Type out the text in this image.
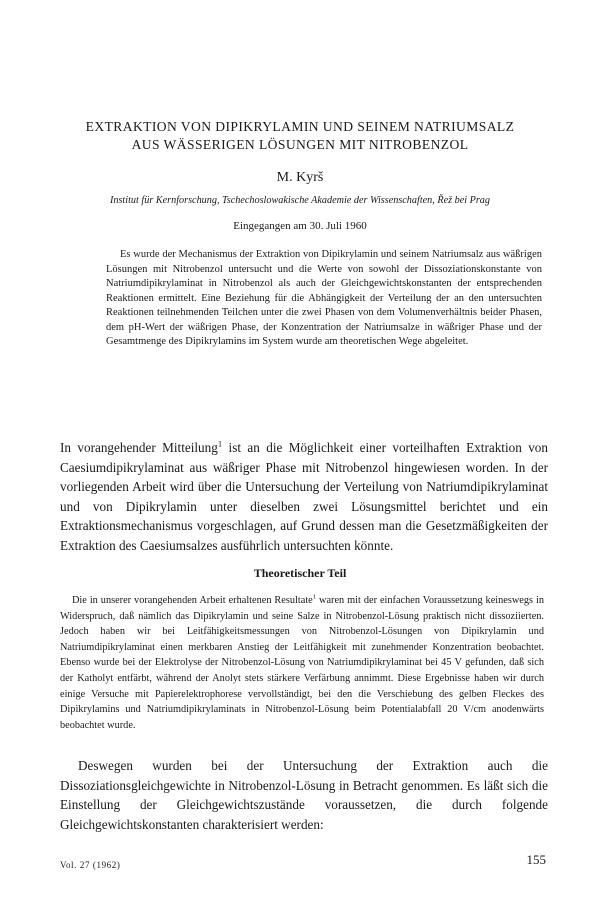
EXTRAKTION VON DIPIKRYLAMIN UND SEINEM NATRIUMSALZ
AUS WÄSSERIGEN LÖSUNGEN MIT NITROBENZOL

M. Kyrš

Institut für Kernforschung, Tschechoslowakische Akademie der Wissenschaften, Řež bei Prag

Eingegangen am 30. Juli 1960

Es wurde der Mechanismus der Extraktion von Dipikrylamin und seinem Natriumsalz aus wäßrigen Lösungen mit Nitrobenzol untersucht und die Werte von sowohl der Dissoziationskonstante von Natriumdipikrylaminat in Nitrobenzol als auch der Gleichgewichtskonstanten der entsprechenden Reaktionen ermittelt. Eine Beziehung für die Abhängigkeit der Verteilung der an den untersuchten Reaktionen teilnehmenden Teilchen unter die zwei Phasen von dem Volumenverhältnis beider Phasen, dem pH-Wert der wäßrigen Phase, der Konzentration der Natriumsalze in wäßriger Phase und der Gesamtmenge des Dipikrylamins im System wurde am theoretischen Wege abgeleitet.

In vorangehender Mitteilung$^1$ ist an die Möglichkeit einer vorteilhaften Extraktion von Caesiumdipikrylaminat aus wäßriger Phase mit Nitrobenzol hingewiesen worden. In der vorliegenden Arbeit wird über die Untersuchung der Verteilung von Natriumdipikrylaminat und von Dipikrylamin unter dieselben zwei Lösungsmittel berichtet und ein Extraktionsmechanismus vorgeschlagen, auf Grund dessen man die Gesetzmäßigkeiten der Extraktion des Caesiumsalzes ausführlich untersuchten könnte.

Theoretischer Teil

Die in unserer vorangehenden Arbeit erhaltenen Resultate$^1$ waren mit der einfachen Voraussetzung keineswegs in Widerspruch, daß nämlich das Dipikrylamin und seine Salze in Nitrobenzol-Lösung praktisch nicht dissoziierten. Jedoch haben wir bei Leitfähigkeitsmessungen von Nitrobenzol-Lösungen von Dipikrylamin und Natriumdipikrylaminat einen merkbaren Anstieg der Leitfähigkeit mit zunehmender Konzentration beobachtet. Ebenso wurde bei der Elektrolyse der Nitrobenzol-Lösung von Natriumdipikrylaminat bei 45 V gefunden, daß sich der Katholyt entfärbt, während der Anolyt stets stärkere Verfärbung annimmt. Diese Ergebnisse haben wir durch einige Versuche mit Papierelektrophorese vervollständigt, bei den die Verschiebung des gelben Fleckes des Dipikrylamins und Natriumdipikrylaminats in Nitrobenzol-Lösung beim Potentialabfall 20 V/cm anodenwärts beobachtet wurde.

Deswegen wurden bei der Untersuchung der Extraktion auch die Dissoziationsgleichgewichte in Nitrobenzol-Lösung in Betracht genommen. Es läßt sich die Einstellung der Gleichgewichtszustände voraussetzen, die durch folgende Gleichgewichtskonstanten charakterisiert werden:

Vol. 27 (1962)	155
